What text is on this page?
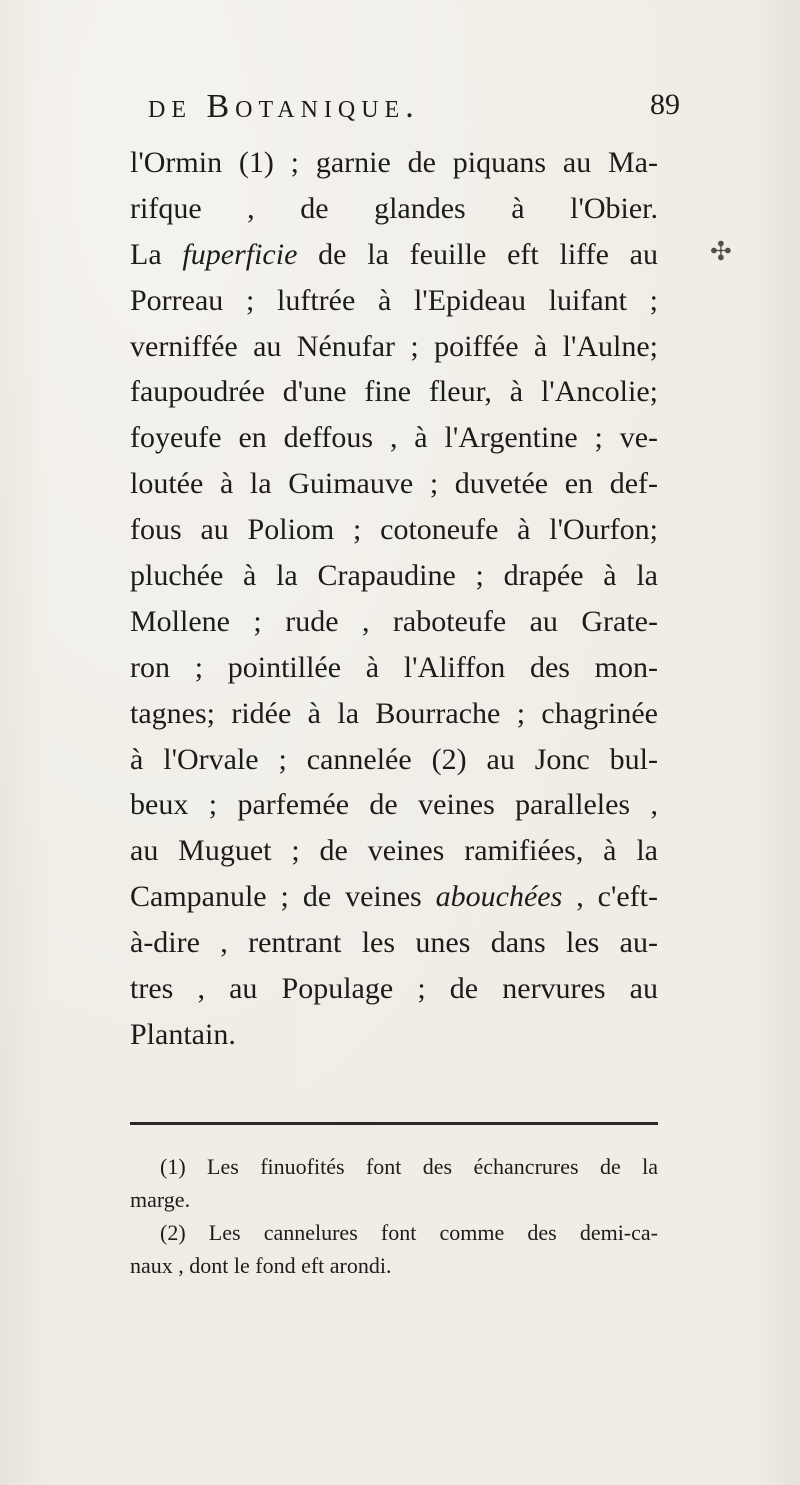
de Botanique.	89
✣
l'Ormin (1) ; garnie de piquans au Ma-
rifque , de glandes à l'Obier.
La fuperficie de la feuille eft liffe au
Porreau ; luftrée à l'Epideau luifant ;
verniffée au Nénufar ; poiffée à l'Aulne;
faupoudrée d'une fine fleur, à l'Ancolie;
foyeufe en deffous , à l'Argentine ; ve-
loutée à la Guimauve ; duvetée en def-
fous au Poliom ; cotoneufe à l'Ourfon;
pluchée à la Crapaudine ; drapée à la
Mollene ; rude , raboteufe au Grate-
ron ; pointillée à l'Aliffon des mon-
tagnes; ridée à la Bourrache ; chagrinée
à l'Orvale ; cannelée (2) au Jonc bul-
beux ; parfemée de veines paralleles ,
au Muguet ; de veines ramifiées, à la
Campanule ; de veines abouchées , c'eft-
à-dire , rentrant les unes dans les au-
tres , au Populage ; de nervures au
Plantain.
(1) Les finuofités font des échancrures de la
marge.
(2) Les cannelures font comme des demi-ca-
naux , dont le fond eft arondi.
